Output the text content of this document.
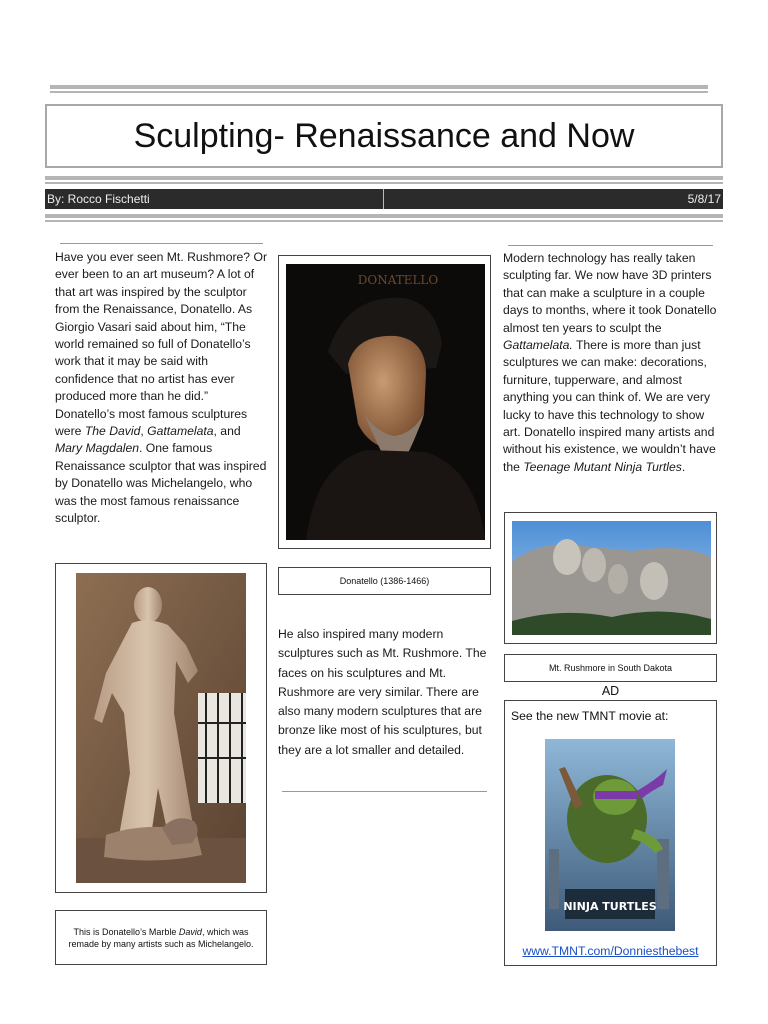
Sculpting- Renaissance and Now
By: Rocco Fischetti	5/8/17
Have you ever seen Mt. Rushmore? Or ever been to an art museum? A lot of that art was inspired by the sculptor from the Renaissance, Donatello. As Giorgio Vasari said about him, “The world remained so full of Donatello’s work that it may be said with confidence that no artist has ever produced more than he did.” Donatello’s most famous sculptures were The David, Gattamelata, and Mary Magdalen. One famous Renaissance sculptor that was inspired by Donatello was Michelangelo, who was the most famous renaissance sculptor.
This is Donatello’s Marble David, which was remade by many artists such as Michelangelo.
DONATELLO
Donatello (1386-1466)
He also inspired many modern sculptures such as Mt. Rushmore. The faces on his sculptures and Mt. Rushmore are very similar. There are also many modern sculptures that are bronze like most of his sculptures, but they are a lot smaller and detailed.
Modern technology has really taken sculpting far. We now have 3D printers that can make a sculpture in a couple days to months, where it took Donatello almost ten years to sculpt the Gattamelata. There is more than just sculptures we can make: decorations, furniture, tupperware, and almost anything you can think of. We are very lucky to have this technology to show art. Donatello inspired many artists and without his existence, we wouldn’t have the Teenage Mutant Ninja Turtles.
Mt. Rushmore in South Dakota
AD
See the new TMNT movie at:
NINJA TURTLES
www.TMNT.com/Donniesthebest
